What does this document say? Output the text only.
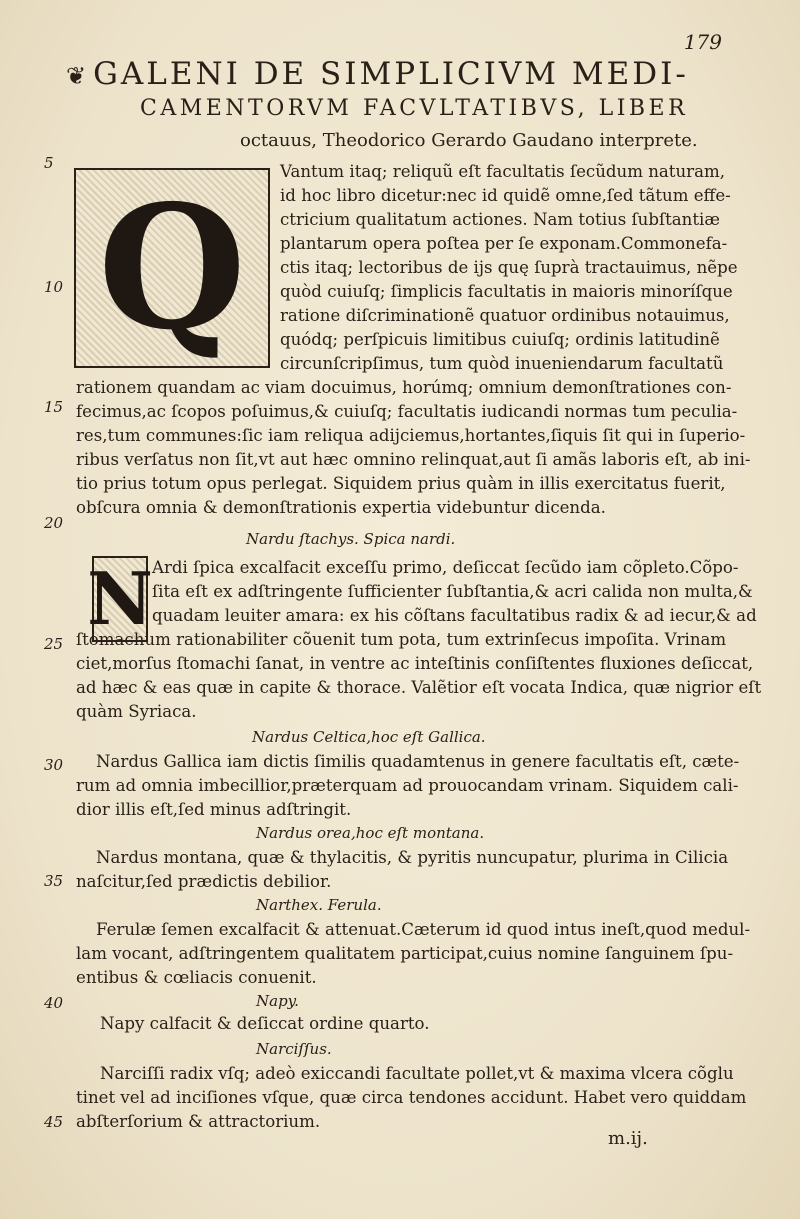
179
❦ GALENI DE SIMPLICIVM MEDI-
CAMENTORVM FACVLTATIBVS, LIBER
octauus, Theodorico Gerardo Gaudano interprete.
5
10
15
20
25
30
35
40
45
Q
N
Vantum itaq; reliquũ eſt facultatis ſecũdum naturam,
id hoc libro dicetur:nec id quidẽ omne,ſed tãtum effe-
ctricium qualitatum actiones. Nam totius ſubſtantiæ
plantarum opera poſtea per ſe exponam.Commonefa-
ctis itaq; lectoribus de ijs quę ſuprà tractauimus, nẽpe
quòd cuiuſq; ſimplicis facultatis in maioris minoríſque
ratione diſcriminationẽ quatuor ordinibus notauimus,
quódq; perſpicuis limitibus cuiuſq; ordinis latitudinẽ
circunſcripſimus, tum quòd inueniendarum facultatũ
rationem quandam ac viam docuimus, horúmq; omnium demonſtrationes con-
fecimus,ac ſcopos poſuimus,& cuiuſq; facultatis iudicandi normas tum peculia-
res,tum communes:ſic iam reliqua adijciemus,hortantes,ſiquis ſit qui in ſuperio-
ribus verſatus non ſit,vt aut hæc omnino relinquat,aut ſi amãs laboris eſt, ab ini-
tio prius totum opus perlegat. Siquidem prius quàm in illis exercitatus fuerit,
obſcura omnia & demonſtrationis expertia videbuntur dicenda.
Nardu ſtachys. Spica nardi.
Ardi ſpica excalfacit exceſſu primo, deſiccat ſecũdo iam cõpleto.Cõpo-
ſita eſt ex adſtringente ſufficienter ſubſtantia,& acri calida non multa,&
quadam leuiter amara: ex his cõſtans facultatibus radix & ad iecur,& ad
ſtomachum rationabiliter cõuenit tum pota, tum extrinſecus impoſita. Vrinam
ciet,morſus ſtomachi ſanat, in ventre ac inteſtinis conſiſtentes fluxiones deſiccat,
ad hæc & eas quæ in capite & thorace. Valẽtior eſt vocata Indica, quæ nigrior eſt
quàm Syriaca.
Nardus Celtica,hoc eſt Gallica.
Nardus Gallica iam dictis ſimilis quadamtenus in genere facultatis eſt, cæte-
rum ad omnia imbecillior,præterquam ad prouocandam vrinam. Siquidem cali-
dior illis eſt,ſed minus adſtringit.
Nardus orea,hoc eſt montana.
Nardus montana, quæ & thylacitis, & pyritis nuncupatur, plurima in Cilicia
naſcitur,ſed prædictis debilior.
Narthex. Ferula.
Ferulæ ſemen excalfacit & attenuat.Cæterum id quod intus ineſt,quod medul-
lam vocant, adſtringentem qualitatem participat,cuius nomine ſanguinem ſpu-
entibus & cœliacis conuenit.
Napy.
Napy calfacit & deſiccat ordine quarto.
Narciſſus.
Narciſſi radix vſq; adeò exiccandi facultate pollet,vt & maxima vlcera cõglu
tinet vel ad inciſiones vſque, quæ circa tendones accidunt. Habet vero quiddam
abſterſorium & attractorium.
m.ij.
